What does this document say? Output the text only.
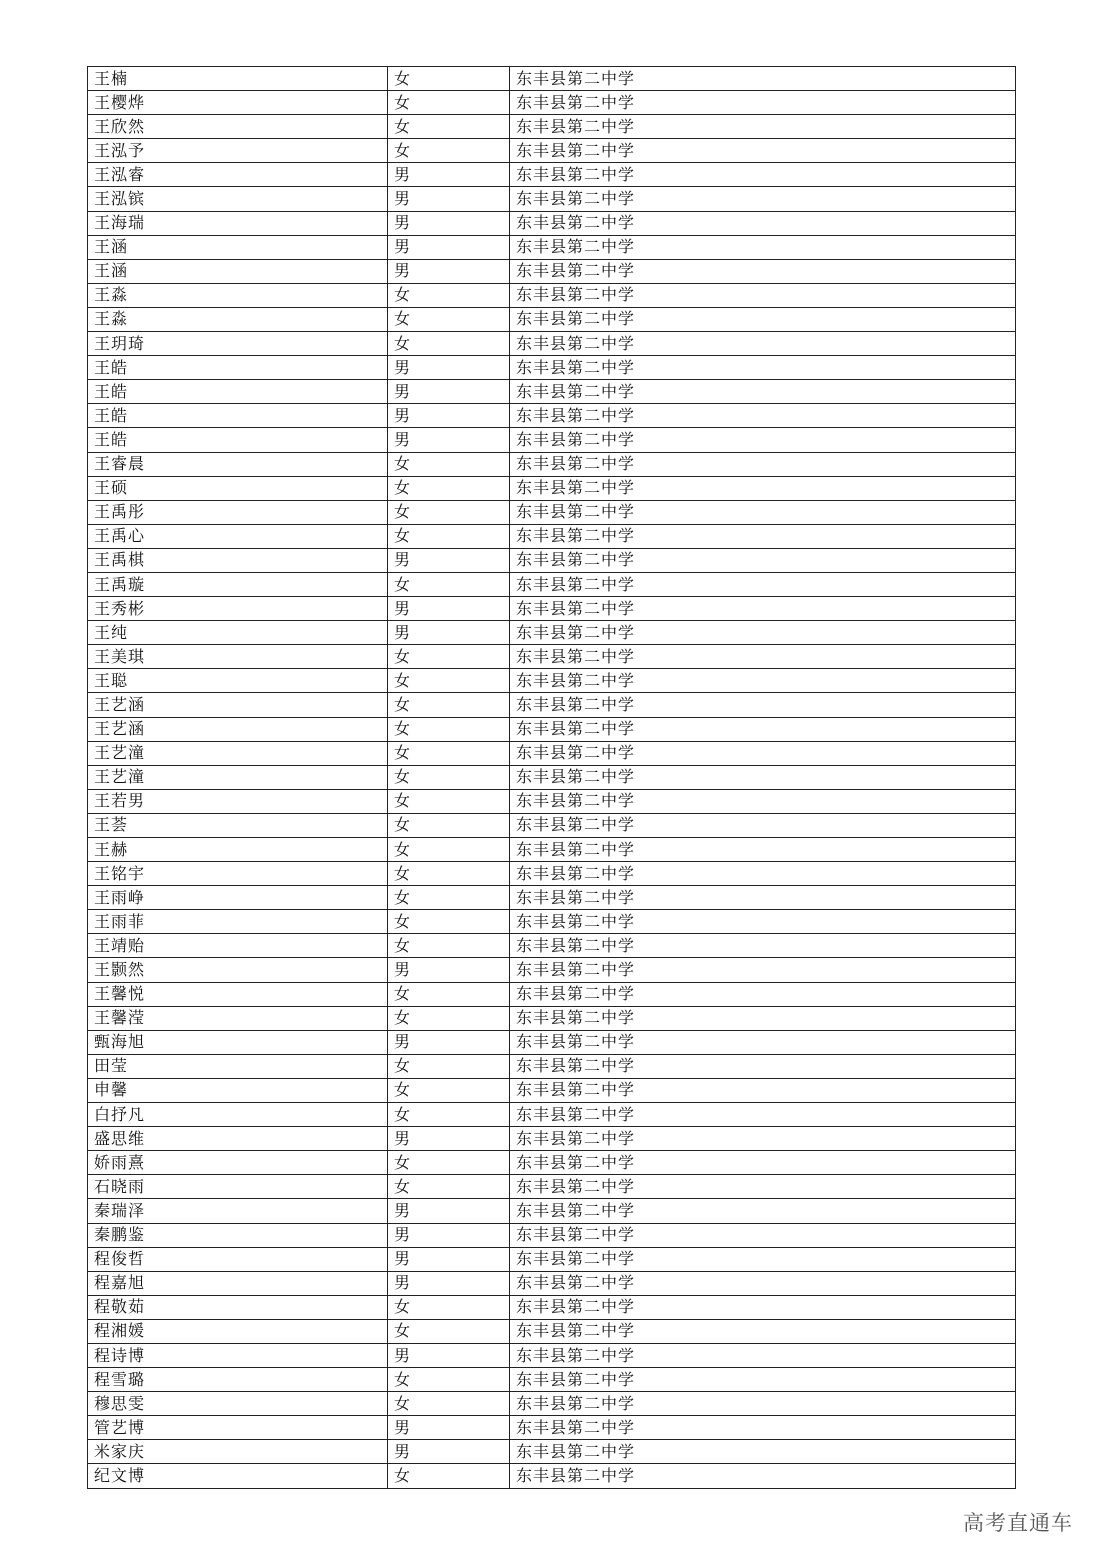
王楠	女	东丰县第二中学
王樱烨	女	东丰县第二中学
王欣然	女	东丰县第二中学
王泓予	女	东丰县第二中学
王泓睿	男	东丰县第二中学
王泓镔	男	东丰县第二中学
王海瑞	男	东丰县第二中学
王涵	男	东丰县第二中学
王涵	男	东丰县第二中学
王淼	女	东丰县第二中学
王淼	女	东丰县第二中学
王玥琦	女	东丰县第二中学
王皓	男	东丰县第二中学
王皓	男	东丰县第二中学
王皓	男	东丰县第二中学
王皓	男	东丰县第二中学
王睿晨	女	东丰县第二中学
王硕	女	东丰县第二中学
王禹彤	女	东丰县第二中学
王禹心	女	东丰县第二中学
王禹棋	男	东丰县第二中学
王禹璇	女	东丰县第二中学
王秀彬	男	东丰县第二中学
王纯	男	东丰县第二中学
王美琪	女	东丰县第二中学
王聪	女	东丰县第二中学
王艺涵	女	东丰县第二中学
王艺涵	女	东丰县第二中学
王艺潼	女	东丰县第二中学
王艺潼	女	东丰县第二中学
王若男	女	东丰县第二中学
王荟	女	东丰县第二中学
王赫	女	东丰县第二中学
王铭宇	女	东丰县第二中学
王雨峥	女	东丰县第二中学
王雨菲	女	东丰县第二中学
王靖贻	女	东丰县第二中学
王颢然	男	东丰县第二中学
王馨悦	女	东丰县第二中学
王馨滢	女	东丰县第二中学
甄海旭	男	东丰县第二中学
田莹	女	东丰县第二中学
申馨	女	东丰县第二中学
白抒凡	女	东丰县第二中学
盛思维	男	东丰县第二中学
娇雨熹	女	东丰县第二中学
石晓雨	女	东丰县第二中学
秦瑞泽	男	东丰县第二中学
秦鹏鉴	男	东丰县第二中学
程俊哲	男	东丰县第二中学
程嘉旭	男	东丰县第二中学
程敬茹	女	东丰县第二中学
程湘媛	女	东丰县第二中学
程诗博	男	东丰县第二中学
程雪璐	女	东丰县第二中学
穆思雯	女	东丰县第二中学
管艺博	男	东丰县第二中学
米家庆	男	东丰县第二中学
纪文博	女	东丰县第二中学
高考直通车
